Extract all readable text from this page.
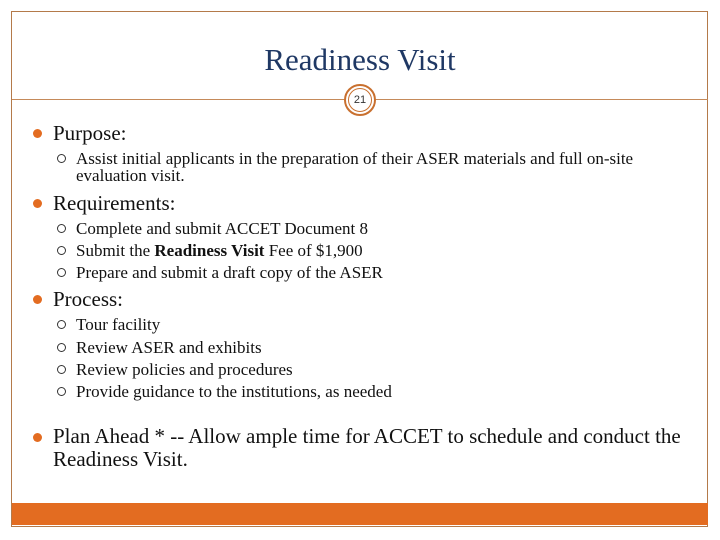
Readiness Visit
21
Purpose:
Assist initial applicants in the preparation of their ASER materials and full on-site evaluation visit.
Requirements:
Complete and submit ACCET Document 8
Submit the Readiness Visit Fee of $1,900
Prepare and submit a draft copy of the ASER
Process:
Tour facility
Review ASER and exhibits
Review policies and procedures
Provide guidance to the institutions, as needed
Plan Ahead * -- Allow ample time for ACCET to schedule and conduct the Readiness Visit.
